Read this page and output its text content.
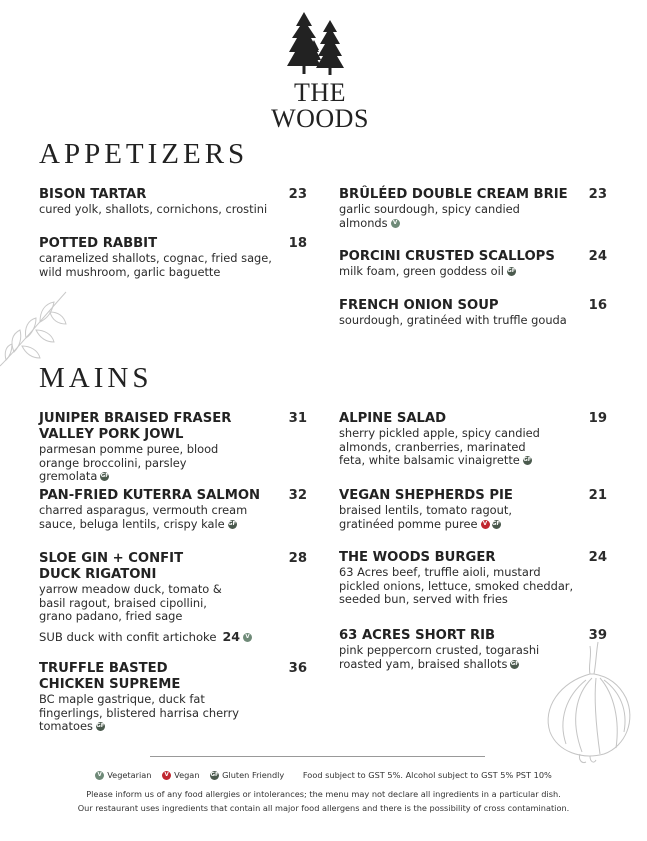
THE WOODS
APPETIZERS
BISON TARTAR	23
cured yolk, shallots, cornichons, crostini
POTTED RABBIT	18
caramelized shallots, cognac, fried sage, wild mushroom, garlic baguette
BRÛLÉED DOUBLE CREAM BRIE	23
garlic sourdough, spicy candied almonds V
PORCINI CRUSTED SCALLOPS	24
milk foam, green goddess oil GF
FRENCH ONION SOUP	16
sourdough, gratinéed with truffle gouda
MAINS
JUNIPER BRAISED FRASER VALLEY PORK JOWL
31
parmesan pomme puree, blood orange broccolini, parsley gremolata GF
PAN-FRIED KUTERRA SALMON	32
charred asparagus, vermouth cream sauce, beluga lentils, crispy kale GF
SLOE GIN + CONFIT DUCK RIGATONI
28
yarrow meadow duck, tomato & basil ragout, braised cipollini, grano padano, fried sage
SUB duck with confit artichoke 24 V
TRUFFLE BASTED CHICKEN SUPREME
36
BC maple gastrique, duck fat fingerlings, blistered harrisa cherry tomatoes GF
ALPINE SALAD	19
sherry pickled apple, spicy candied almonds, cranberries, marinated feta, white balsamic vinaigrette GF
VEGAN SHEPHERDS PIE	21
braised lentils, tomato ragout, gratinéed pomme puree V GF
THE WOODS BURGER	24
63 Acres beef, truffle aioli, mustard pickled onions, lettuce, smoked cheddar, seeded bun, served with fries
63 ACRES SHORT RIB	39
pink peppercorn crusted, togarashi roasted yam, braised shallots GF
V Vegetarian V Vegan GF Gluten Friendly Food subject to GST 5%. Alcohol subject to GST 5% PST 10%
Please inform us of any food allergies or intolerances; the menu may not declare all ingredients in a particular dish.
Our restaurant uses ingredients that contain all major food allergens and there is the possibility of cross contamination.
